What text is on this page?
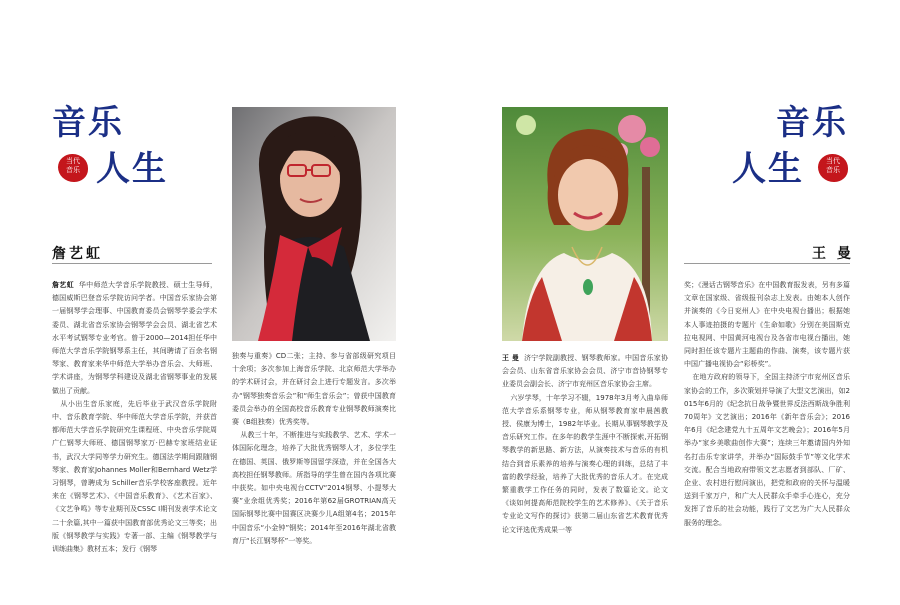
音乐
当代
音乐 人生
詹艺虹

詹艺虹 华中师范大学音乐学院教授、硕士生导师，德国威斯巴登音乐学院访问学者。中国音乐家协会第一届钢琴学会理事、中国教育委员会钢琴学委会学术委员、湖北省音乐家协会钢琴学会会员、湖北省艺术水平考试钢琴专业考官。曾于2000—2014担任华中师范大学音乐学院钢琴系主任，其间聘请了百余名钢琴家、教育家来华中师范大学举办音乐会、大师班、学术讲座，为钢琴学科建设及湖北省钢琴事业的发展做出了贡献。

从小出生音乐家庭，先后毕业于武汉音乐学院附中、音乐教育学院、华中师范大学音乐学院，并获首都师范大学音乐学院研究生课程班、中央音乐学院周广仁钢琴大师班、德国钢琴家万·巴赫专家班结业证书，武汉大学同等学力研究生。德国法学期间跟随钢琴家、教育家Johannes Moller和Bernhard Wetz学习钢琴，曾聘成为 Schiller音乐学校客座教授。近年来在《钢琴艺术》、《中国音乐教育》、《艺术百家》、《文艺争鸣》等专业期刊及CSSC I期刊发表学术论文二十余篇,其中一篇获中国教育部优秀论文三等奖；出版《钢琴教学与实践》专著一部、主编《钢琴教学与训练曲集》教材五本；发行《钢琴

独奏与重奏》CD二张；主持、参与省部级研究项目十余项；多次参加上海音乐学院、北京师范大学举办的学术研讨会，并在研讨会上进行专题发言。多次举办“钢琴独奏音乐会”和“师生音乐会”；曾获中国教育委员会举办的全国高校音乐教育专业钢琴教师演奏比赛（B组独奏）优秀奖等。

从教三十年，不断推进与实践教学、艺术、学术一体国际化理念，培养了大批优秀钢琴人才，多位学生在德国、英国、俄罗斯等国留学深造，并在全国各大高校担任钢琴教师。所指导的学生曾在国内各项比赛中获奖。如中央电视台CCTV“2014钢琴、小提琴大赛”业余组优秀奖；2016年第62届GROTRIAN高天国际钢琴比赛中国赛区决赛少儿A组第4名；2015年中国音乐“小金钟”钢奖；2014年至2016年湖北省教育厅“长江钢琴杯”一等奖。

音乐
人生	当代
音乐
王 曼

王 曼 济宁学院副教授、钢琴教师家。中国音乐家协会会员、山东省音乐家协会会员、济宁市音协钢琴专业委员会副会长、济宁市兖州区音乐家协会主席。

六岁学琴，十年学习不辍，1978年3月考入曲阜师范大学音乐系钢琴专业，师从钢琴教育家申晨茜教授、侯康为博士，1982年毕业。长期从事钢琴教学及音乐研究工作。在多年的教学生涯中不断探索,开拓钢琴教学的新思路、新方法，从演奏技术与音乐的有机结合到音乐素养的培养与演奏心理的训练，总结了丰富的教学经验，培养了大批优秀的音乐人才。在完成繁重教学工作任务的同时，发表了数篇论文。论文《谈如何提高师范院校学生的艺术修养》、《关于音乐专业论文写作的探讨》获第二届山东省艺术教育优秀论文评选优秀成果一等

奖；《漫话古钢琴音乐》在中国教育报发表，另有多篇文章在国家级、省级报刊杂志上发表。由她本人创作并演奏的《今日兖州人》在中央电视台播出；根据她本人事迹拍摄的专题片《生命如歌》分别在美国斯克拉电视网、中国黄河电视台及各省市电视台播出，她同时担任该专题片主题曲的作曲、演奏，该专题片获中国广播电视协会“彩桥奖”。

在地方政府的领导下，全国主持济宁市兖州区音乐家协会的工作，多次策划并导演了大型文艺演出，如2015年6月的《纪念抗日战争暨世界反法西斯战争胜利70周年》文艺演出；2016年《新年音乐会》；2016年6月《纪念建党九十五周年文艺晚会》；2016年5月举办“家乡美歌曲创作大赛”；连续三年邀请国内外知名打击乐专家讲学，并举办“国际鼓手节”等文化学术交流。配合当地政府带领文艺志愿者到部队、厂矿、企业、农村进行慰问演出，把党和政府的关怀与温暖送到千家万户，和广大人民群众手牵手心连心，充分发挥了音乐的社会功能，践行了文艺为广大人民群众服务的理念。
